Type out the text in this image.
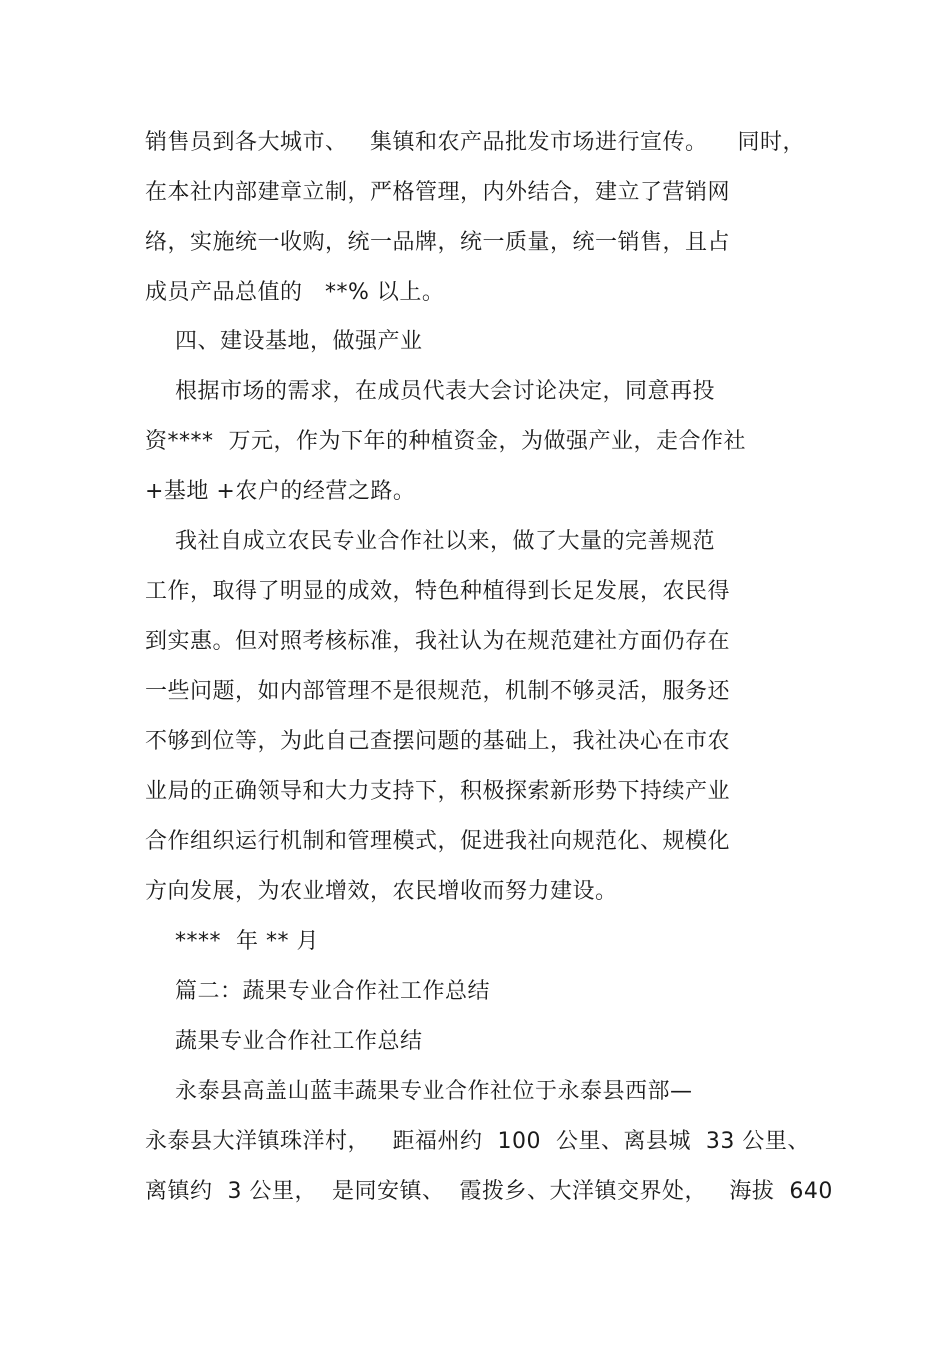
销售员到各大城市、   集镇和农产品批发市场进行宣传。    同时，
在本社内部建章立制，严格管理，内外结合，建立了营销网
络，实施统一收购，统一品牌，统一质量，统一销售，且占
成员产品总值的   **% 以上。
四、建设基地，做强产业
根据市场的需求，在成员代表大会讨论决定，同意再投
资****  万元，作为下年的种植资金，为做强产业，走合作社
+基地 +农户的经营之路。
我社自成立农民专业合作社以来，做了大量的完善规范
工作，取得了明显的成效，特色种植得到长足发展，农民得
到实惠。但对照考核标准，我社认为在规范建社方面仍存在
一些问题，如内部管理不是很规范，机制不够灵活，服务还
不够到位等，为此自己查摆问题的基础上，我社决心在市农
业局的正确领导和大力支持下，积极探索新形势下持续产业
合作组织运行机制和管理模式，促进我社向规范化、规模化
方向发展，为农业增效，农民增收而努力建设。
****  年 ** 月
篇二：蔬果专业合作社工作总结
蔬果专业合作社工作总结
永泰县高盖山蓝丰蔬果专业合作社位于永泰县西部—
永泰县大洋镇珠洋村，   距福州约  100  公里、离县城  33 公里、
离镇约  3 公里，  是同安镇、  霞拨乡、大洋镇交界处，   海拔  640
